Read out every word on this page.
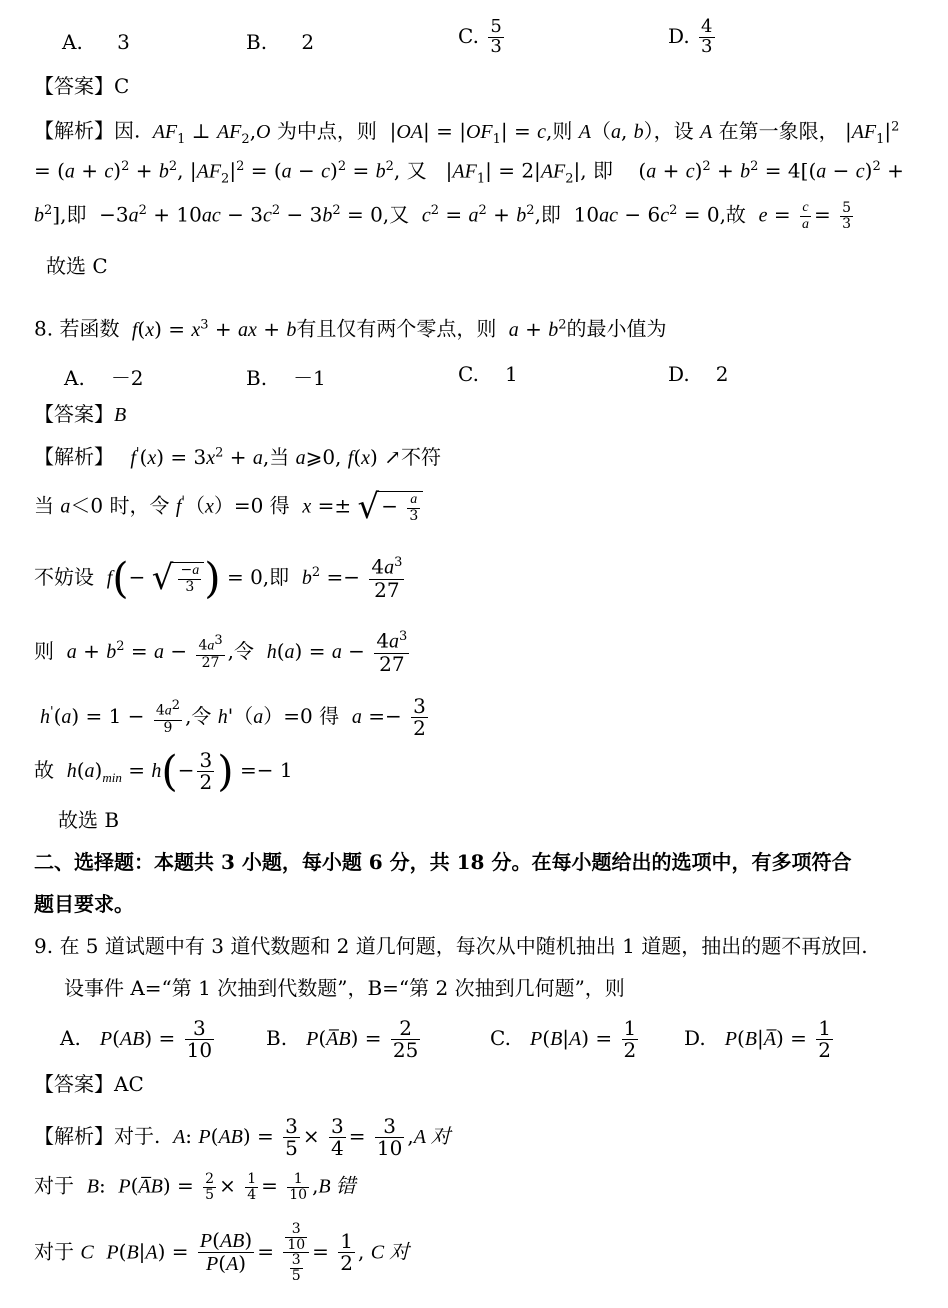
A. 3	B. 2	C. $\frac{5}{3}$	D. $\frac{4}{3}$
【答案】C
【解析】因. $AF_1$ ⊥ $AF_2,O$ 为中点，则  $|OA| = |OF_1| = c$,则 A（a, b），设 A 在第一象限， $|AF_1|^2$
= $(a + c)^2 + b^2$, $|AF_2|^2 = (a - c)^2 = b^2$, 又   $|AF_1| = 2|AF_2|$, 即    $(a + c)^2 + b^2 = 4[(a - c)^2$ +
$b^2$],即  $-3a^2 + 10ac - 3c^2 - 3b^2 = 0$,又  $c^2 = a^2 + b^2$,即  $10ac - 6c^2 = 0$,故  $e = \frac{c}{a} = \frac{5}{3}$
故选 C
8. 若函数 $f(x) = x^3$ + ax + b有且仅有两个零点，则 $a + b^2$的最小值为
A. －2	B. －1	C. 1	D. 2
【答案】B
【解析】 $f'(x) = 3x^2 + a$,当 a⩾0, f(x) ↗不符
当 a＜0 时，令 f'（x）=0 得  x =± √ − $\frac{a}{3}$
不妨设 f(− √ $\frac{-a}{3}$ ) = 0,即  $b^2 =- \frac{4a^3}{27}$
则 $a + b^2 = a - \frac{4a^3}{27}$ ,令  $h(a) = a - \frac{4a^3}{27}$
$h'(a) = 1 - \frac{4a^2}{9}$ ,令 h'（a）=0 得  $a =- \frac{3}{2}$
故 $h(a)_{min} = h(- \frac{3}{2}$ ) =− 1
故选 B
二、选择题：本题共 3 小题，每小题 6 分，共 18 分。在每小题给出的选项中，有多项符合
题目要求。
9. 在 5 道试题中有 3 道代数题和 2 道几何题，每次从中随机抽出 1 道题，抽出的题不再放回.
设事件 A=“第 1 次抽到代数题”，B=“第 2 次抽到几何题”，则
A.   $P(AB) = \frac{3}{10}$	B.   P(A̅B) = $\frac{2}{25}$	C.   $P(B|A) = \frac{1}{2} D$.   P(B|A̅) = $\frac{1}{2}$
【答案】AC
【解析】对于. A: $P(AB) = \frac{3}{5} \times \frac{3}{4} = \frac{3}{10} ,A$ 对
对于 B:  P(A̅B) = $\frac{2}{5} \times \frac{1}{4} = \frac{1}{10} ,B$ 错
对于 C $P(B|A) = \frac{P(AB)}{P(A)} = \frac{\frac{3}{10}}{\frac{3}{5}} = \frac{1}{2}$ , C 对
